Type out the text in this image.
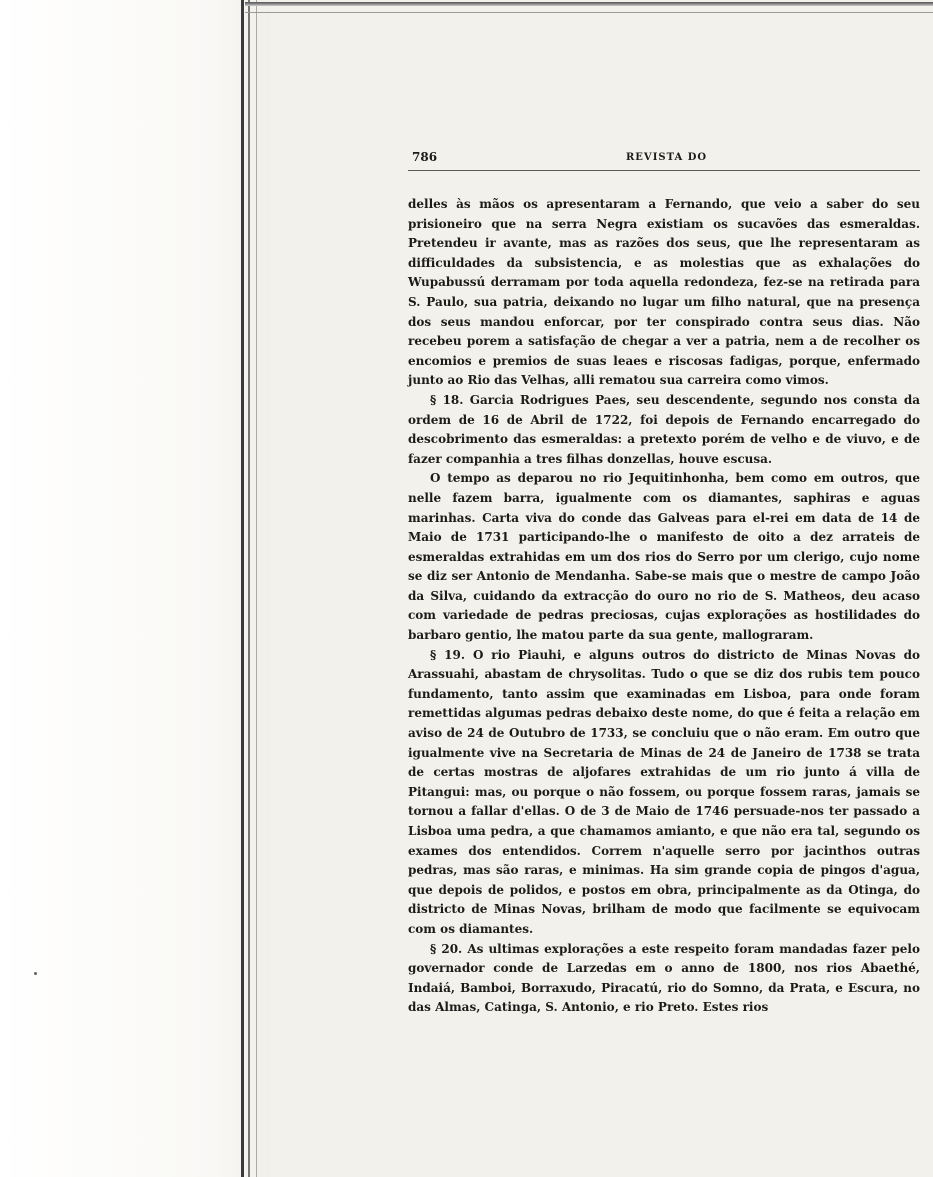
786	REVISTA DO

delles às mãos os apresentaram a Fernando, que veio a saber do seu prisioneiro que na serra Negra existiam os sucavões das esmeraldas. Pretendeu ir avante, mas as razões dos seus, que lhe representaram as difficuldades da subsistencia, e as molestias que as exhalações do Wupabussú derramam por toda aquella redondeza, fez-se na retirada para S. Paulo, sua patria, deixando no lugar um filho natural, que na presença dos seus mandou enforcar, por ter conspirado contra seus dias. Não recebeu porem a satisfação de chegar a ver a patria, nem a de recolher os encomios e premios de suas leaes e riscosas fadigas, porque, enfermado junto ao Rio das Velhas, alli rematou sua carreira como vimos.

§ 18. Garcia Rodrigues Paes, seu descendente, segundo nos consta da ordem de 16 de Abril de 1722, foi depois de Fernando encarregado do descobrimento das esmeraldas: a pretexto porém de velho e de viuvo, e de fazer companhia a tres filhas donzellas, houve escusa.

O tempo as deparou no rio Jequitinhonha, bem como em outros, que nelle fazem barra, igualmente com os diamantes, saphiras e aguas marinhas. Carta viva do conde das Galveas para el-rei em data de 14 de Maio de 1731 participando-lhe o manifesto de oito a dez arrateis de esmeraldas extrahidas em um dos rios do Serro por um clerigo, cujo nome se diz ser Antonio de Mendanha. Sabe-se mais que o mestre de campo João da Silva, cuidando da extracção do ouro no rio de S. Matheos, deu acaso com variedade de pedras preciosas, cujas explorações as hostilidades do barbaro gentio, lhe matou parte da sua gente, mallograram.

§ 19. O rio Piauhi, e alguns outros do districto de Minas Novas do Arassuahi, abastam de chrysolitas. Tudo o que se diz dos rubis tem pouco fundamento, tanto assim que examinadas em Lisboa, para onde foram remettidas algumas pedras debaixo deste nome, do que é feita a relação em aviso de 24 de Outubro de 1733, se concluiu que o não eram. Em outro que igualmente vive na Secretaria de Minas de 24 de Janeiro de 1738 se trata de certas mostras de aljofares extrahidas de um rio junto á villa de Pitangui: mas, ou porque o não fossem, ou porque fossem raras, jamais se tornou a fallar d'ellas. O de 3 de Maio de 1746 persuade-nos ter passado a Lisboa uma pedra, a que chamamos amianto, e que não era tal, segundo os exames dos entendidos. Correm n'aquelle serro por jacinthos outras pedras, mas são raras, e minimas. Ha sim grande copia de pingos d'agua, que depois de polidos, e postos em obra, principalmente as da Otinga, do districto de Minas Novas, brilham de modo que facilmente se equivocam com os diamantes.

§ 20. As ultimas explorações a este respeito foram mandadas fazer pelo governador conde de Larzedas em o anno de 1800, nos rios Abaethé, Indaiá, Bamboi, Borraxudo, Piracatú, rio do Somno, da Prata, e Escura, no das Almas, Catinga, S. Antonio, e rio Preto. Estes rios
